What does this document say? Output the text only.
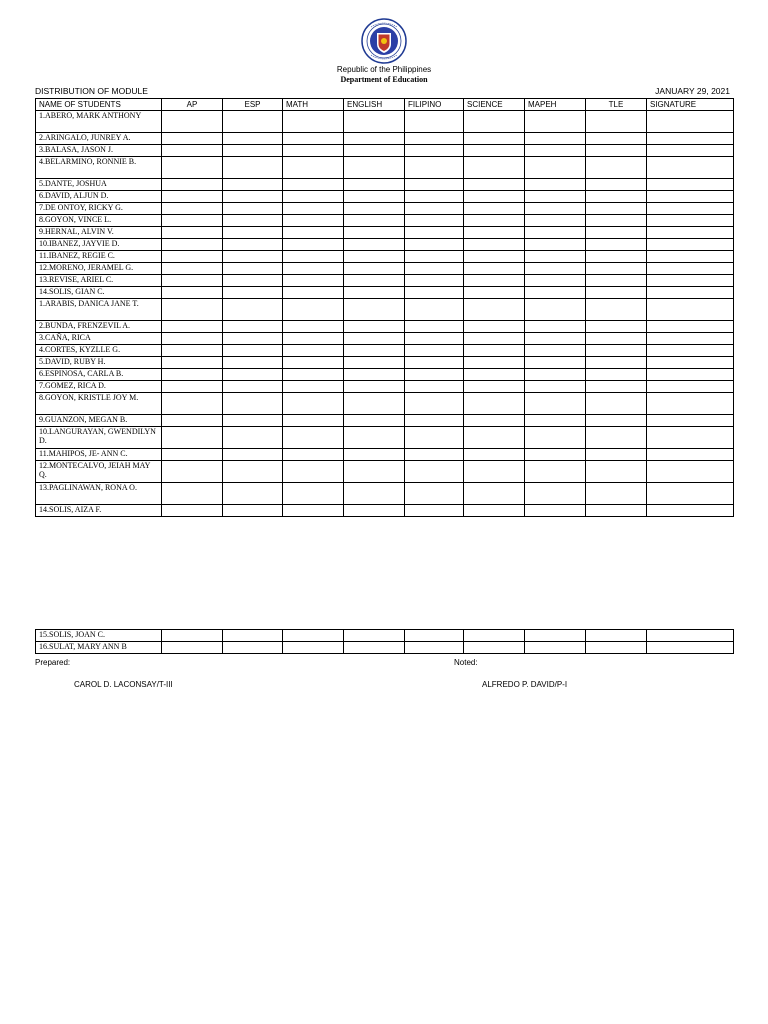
Republic of the Philippines
Department of Education
DISTRIBUTION OF MODULE	JANUARY 29, 2021
NAME OF STUDENTS	AP	ESP	MATH	ENGLISH	FILIPINO	SCIENCE	MAPEH	TLE	SIGNATURE
1.ABERO, MARK ANTHONY									
2.ARINGALO, JUNREY A.									
3.BALASA, JASON J.									
4.BELARMINO, RONNIE B.									
5.DANTE, JOSHUA									
6.DAVID, ALJUN D.									
7.DE ONTOY, RICKY G.									
8.GOYON, VINCE L.									
9.HERNAL, ALVIN V.									
10.IBANEZ, JAYVIE D.									
11.IBANEZ, REGIE C.									
12.MORENO, JERAMEL G.									
13.REVISE, ARIEL C.									
14.SOLIS, GIAN C.									
1.ARABIS, DANICA JANE T.									
2.BUNDA, FRENZEVIL A.									
3.CAÑA, RICA									
4.CORTES, KYZLLE G.									
5.DAVID, RUBY H.									
6.ESPINOSA, CARLA B.									
7.GOMEZ, RICA D.									
8.GOYON, KRISTLE JOY M.									
9.GUANZON, MEGAN B.									
10.LANGURAYAN, GWENDILYN D.									
11.MAHIPOS, JE- ANN C.									
12.MONTECALVO, JEIAH MAY Q.									
13.PAGLINAWAN, RONA O.									
14.SOLIS, AIZA F.									
15.SOLIS, JOAN C.									
16.SULAT, MARY ANN B									
Prepared:	Noted:
CAROL D. LACONSAY/T-III	ALFREDO P. DAVID/P-I
